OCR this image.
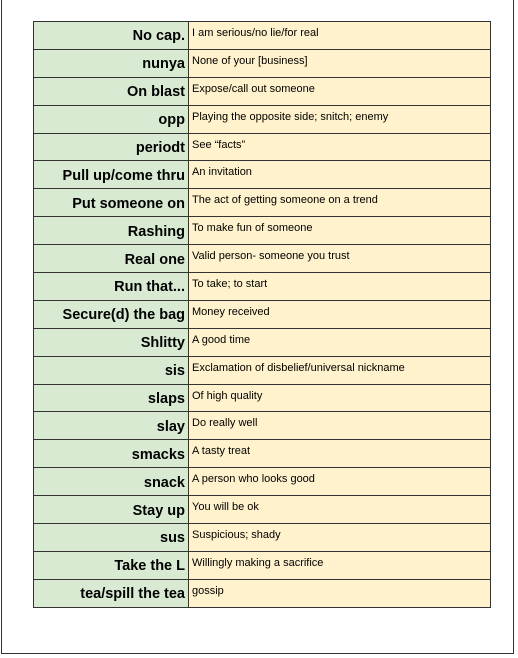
No cap.	I am serious/no lie/for real
nunya	None of your [business]
On blast	Expose/call out someone
opp	Playing the opposite side; snitch; enemy
periodt	See “facts”
Pull up/come thru	An invitation
Put someone on	The act of getting someone on a trend
Rashing	To make fun of someone
Real one	Valid person- someone you trust
Run that...	To take; to start
Secure(d) the bag	Money received
Shlitty	A good time
sis	Exclamation of disbelief/universal nickname
slaps	Of high quality
slay	Do really well
smacks	A tasty treat
snack	A person who looks good
Stay up	You will be ok
sus	Suspicious; shady
Take the L	Willingly making a sacrifice
tea/spill the tea	gossip
